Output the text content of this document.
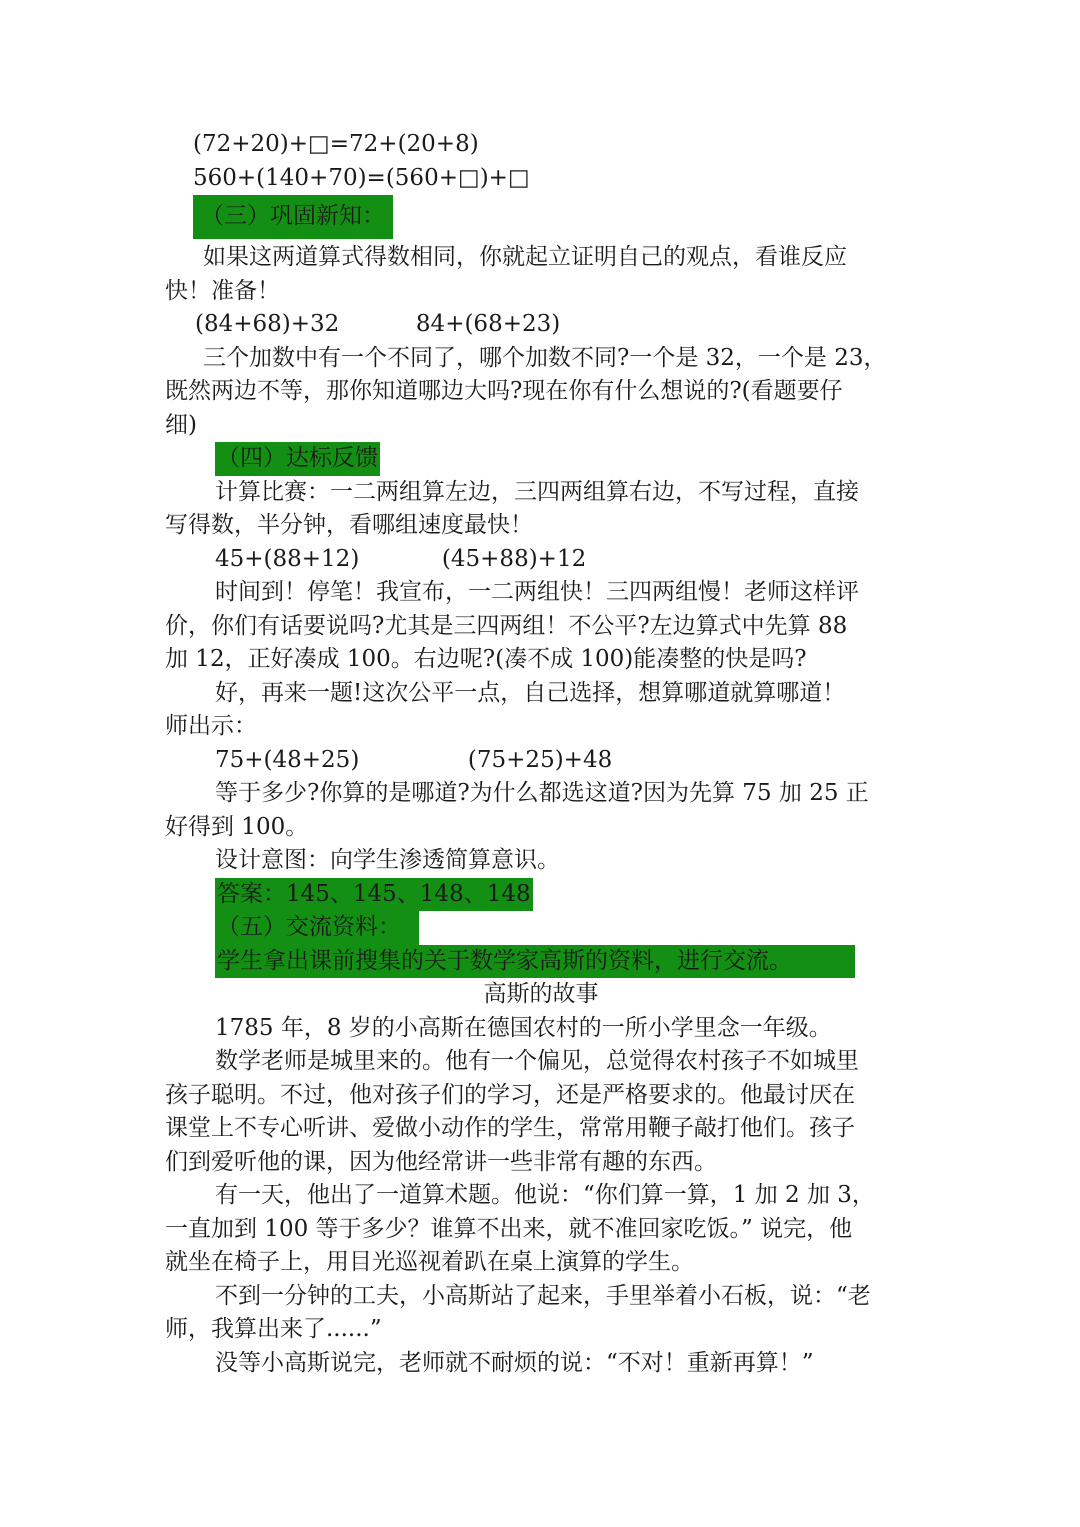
(72+20)+□=72+(20+8)
560+(140+70)=(560+□)+□
（三）巩固新知：
如果这两道算式得数相同，你就起立证明自己的观点，看谁反应
快！准备！
(84+68)+32	84+(68+23)
三个加数中有一个不同了，哪个加数不同?一个是 32，一个是 23，
既然两边不等，那你知道哪边大吗?现在你有什么想说的?(看题要仔
细)
（四）达标反馈
计算比赛：一二两组算左边，三四两组算右边，不写过程，直接
写得数，半分钟，看哪组速度最快！
45+(88+12)	(45+88)+12
时间到！停笔！我宣布，一二两组快！三四两组慢！老师这样评
价，你们有话要说吗?尤其是三四两组！不公平?左边算式中先算 88
加 12，正好凑成 100。右边呢?(凑不成 100)能凑整的快是吗?
好，再来一题!这次公平一点，自己选择，想算哪道就算哪道！
师出示：
75+(48+25)	(75+25)+48
等于多少?你算的是哪道?为什么都选这道?因为先算 75 加 25 正
好得到 100。
设计意图：向学生渗透简算意识。
答案：145、145、148、148
（五）交流资料：
学生拿出课前搜集的关于数学家高斯的资料，进行交流。
高斯的故事
1785 年，8 岁的小高斯在德国农村的一所小学里念一年级。
数学老师是城里来的。他有一个偏见，总觉得农村孩子不如城里
孩子聪明。不过，他对孩子们的学习，还是严格要求的。他最讨厌在
课堂上不专心听讲、爱做小动作的学生，常常用鞭子敲打他们。孩子
们到爱听他的课，因为他经常讲一些非常有趣的东西。
有一天，他出了一道算术题。他说：“你们算一算，1 加 2 加 3，
一直加到 100 等于多少？谁算不出来，就不准回家吃饭。” 说完，他
就坐在椅子上，用目光巡视着趴在桌上演算的学生。
不到一分钟的工夫，小高斯站了起来，手里举着小石板，说：“老
师，我算出来了......”
没等小高斯说完，老师就不耐烦的说：“不对！重新再算！”
